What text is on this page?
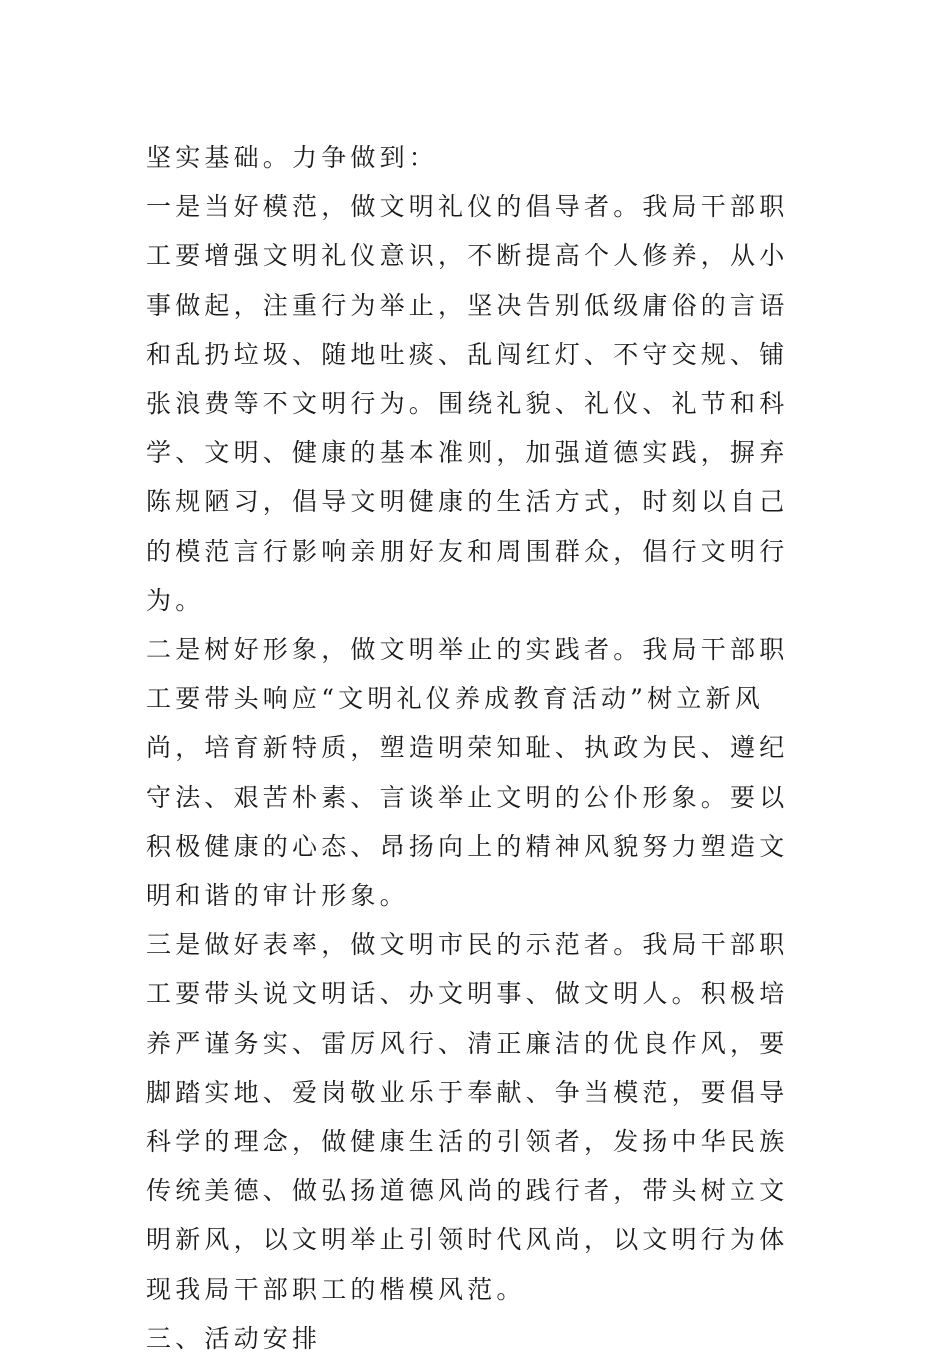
坚实基础。力争做到：

一是当好模范，做文明礼仪的倡导者。我局干部职工要增强文明礼仪意识，不断提高个人修养，从小事做起，注重行为举止，坚决告别低级庸俗的言语和乱扔垃圾、随地吐痰、乱闯红灯、不守交规、铺张浪费等不文明行为。围绕礼貌、礼仪、礼节和科学、文明、健康的基本准则，加强道德实践，摒弃陈规陋习，倡导文明健康的生活方式，时刻以自己的模范言行影响亲朋好友和周围群众，倡行文明行为。

二是树好形象，做文明举止的实践者。我局干部职工要带头响应“文明礼仪养成教育活动”树立新风尚，培育新特质，塑造明荣知耻、执政为民、遵纪守法、艰苦朴素、言谈举止文明的公仆形象。要以积极健康的心态、昂扬向上的精神风貌努力塑造文明和谐的审计形象。

三是做好表率，做文明市民的示范者。我局干部职工要带头说文明话、办文明事、做文明人。积极培养严谨务实、雷厉风行、清正廉洁的优良作风，要脚踏实地、爱岗敬业乐于奉献、争当模范，要倡导科学的理念，做健康生活的引领者，发扬中华民族传统美德、做弘扬道德风尚的践行者，带头树立文明新风，以文明举止引领时代风尚，以文明行为体现我局干部职工的楷模风范。

三、活动安排
